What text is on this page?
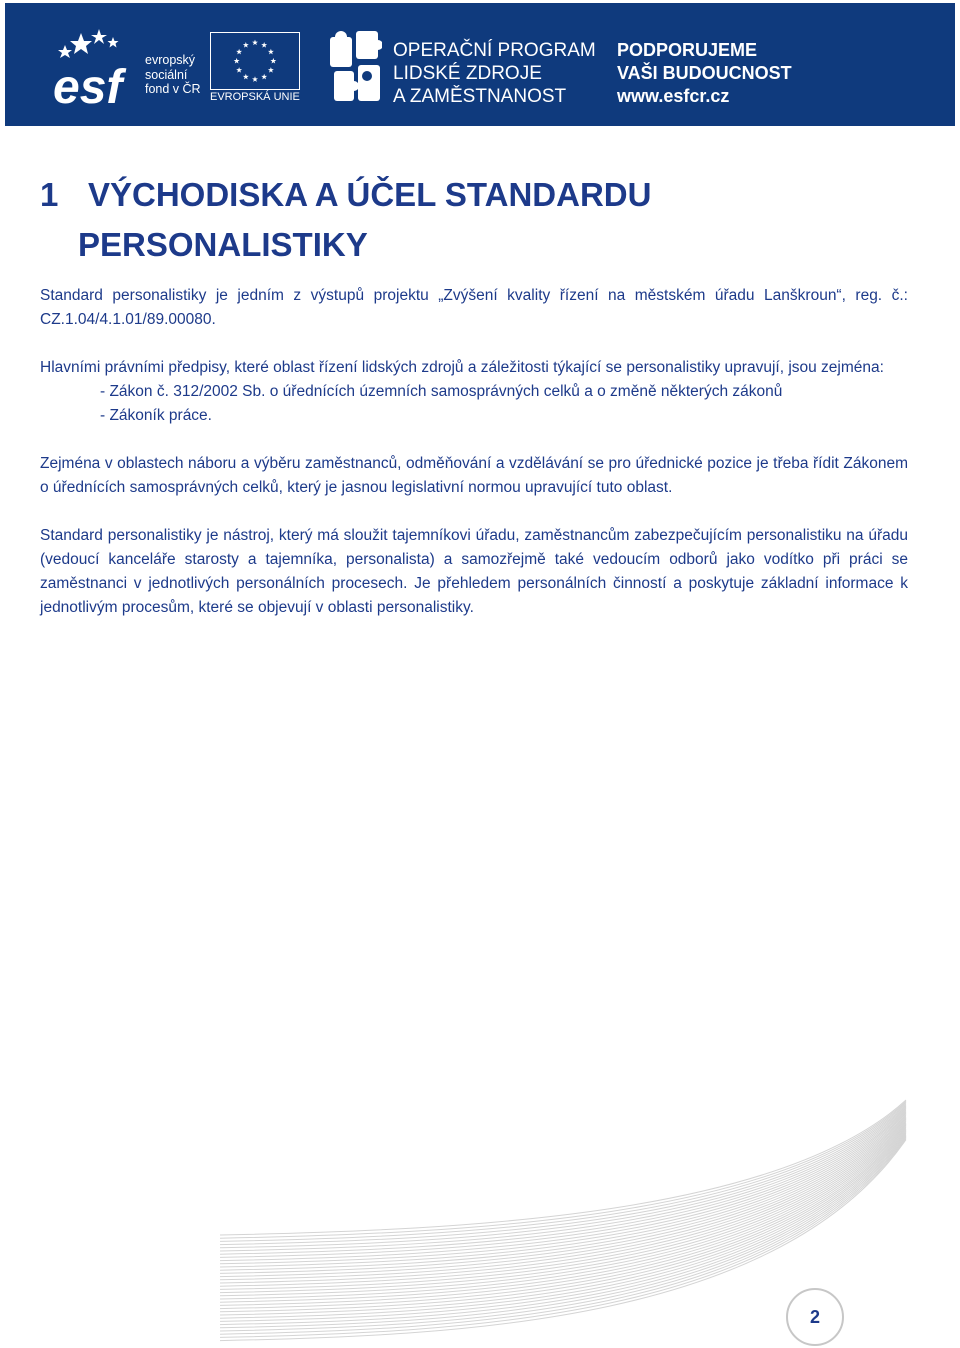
esf
evropský
sociální
fond v ČR
EVROPSKÁ UNIE
OPERAČNÍ PROGRAM
LIDSKÉ ZDROJE
A ZAMĚSTNANOST
PODPORUJEME
VAŠI BUDOUCNOST
www.esfcr.cz
1 VÝCHODISKA A ÚČEL STANDARDU
PERSONALISTIKY

Standard personalistiky je jedním z výstupů projektu „Zvýšení kvality řízení na městském úřadu Lanškroun“, reg. č.: CZ.1.04/4.1.01/89.00080.

Hlavními právními předpisy, které oblast řízení lidských zdrojů a záležitosti týkající se personalistiky upravují, jsou zejména:

- Zákon č. 312/2002 Sb. o úřednících územních samosprávných celků a o změně některých zákonů
- Zákoník práce.

Zejména v oblastech náboru a výběru zaměstnanců, odměňování a vzdělávání se pro úřednické pozice je třeba řídit Zákonem o úřednících samosprávných celků, který je jasnou legislativní normou upravující tuto oblast.

Standard personalistiky je nástroj, který má sloužit tajemníkovi úřadu, zaměstnancům zabezpečujícím personalistiku na úřadu (vedoucí kanceláře starosty a tajemníka, personalista) a samozřejmě také vedoucím odborů jako vodítko při práci se zaměstnanci v jednotlivých personálních procesech. Je přehledem personálních činností a poskytuje základní informace k jednotlivým procesům, které se objevují v oblasti personalistiky.

2
